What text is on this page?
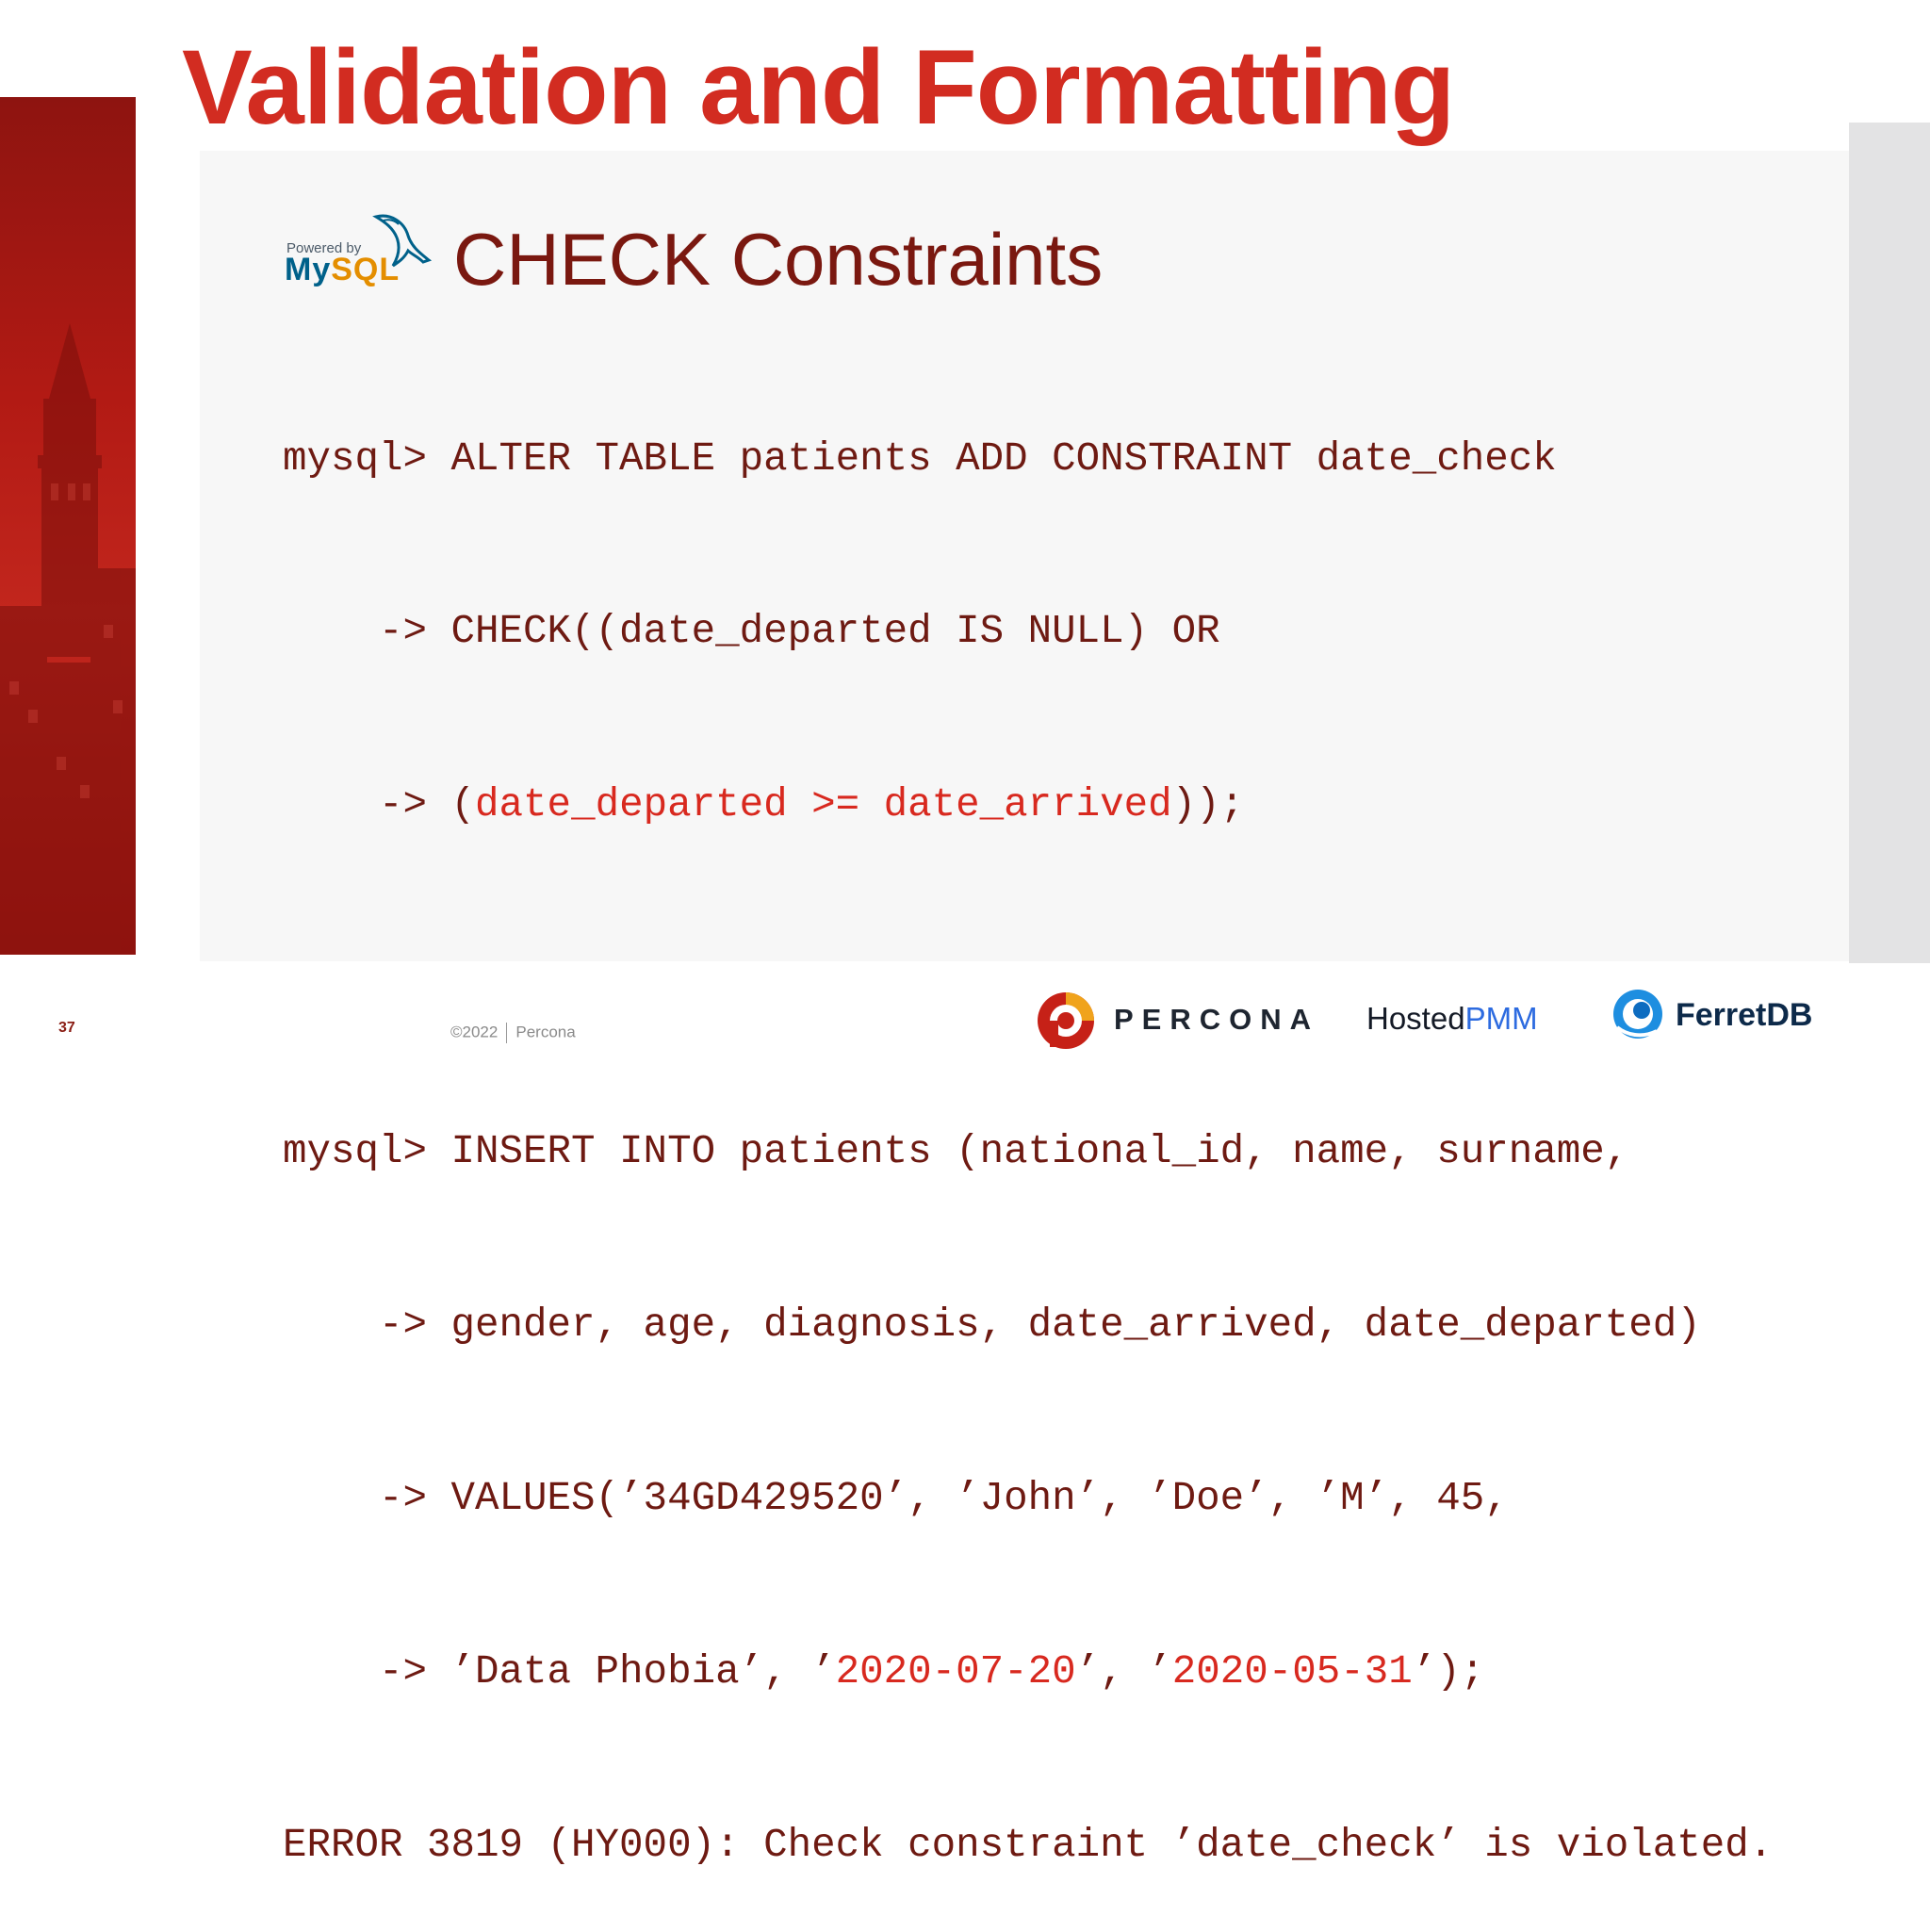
Validation and Formatting
Powered by
MySQL CHECK Constraints

mysql> ALTER TABLE patients ADD CONSTRAINT date_check

-> CHECK((date_departed IS NULL) OR

-> (date_departed >= date_arrived));

mysql> INSERT INTO patients (national_id, name, surname,

-> gender, age, diagnosis, date_arrived, date_departed)

-> VALUES(’34GD429520’, ’John’, ’Doe’, ’M’, 45,

-> ’Data Phobia’, ’2020-07-20’, ’2020-05-31’);

ERROR 3819 (HY000): Check constraint ’date_check’ is violated.

37	©2022 Percona	PERCONA HostedPMM	FerretDB
